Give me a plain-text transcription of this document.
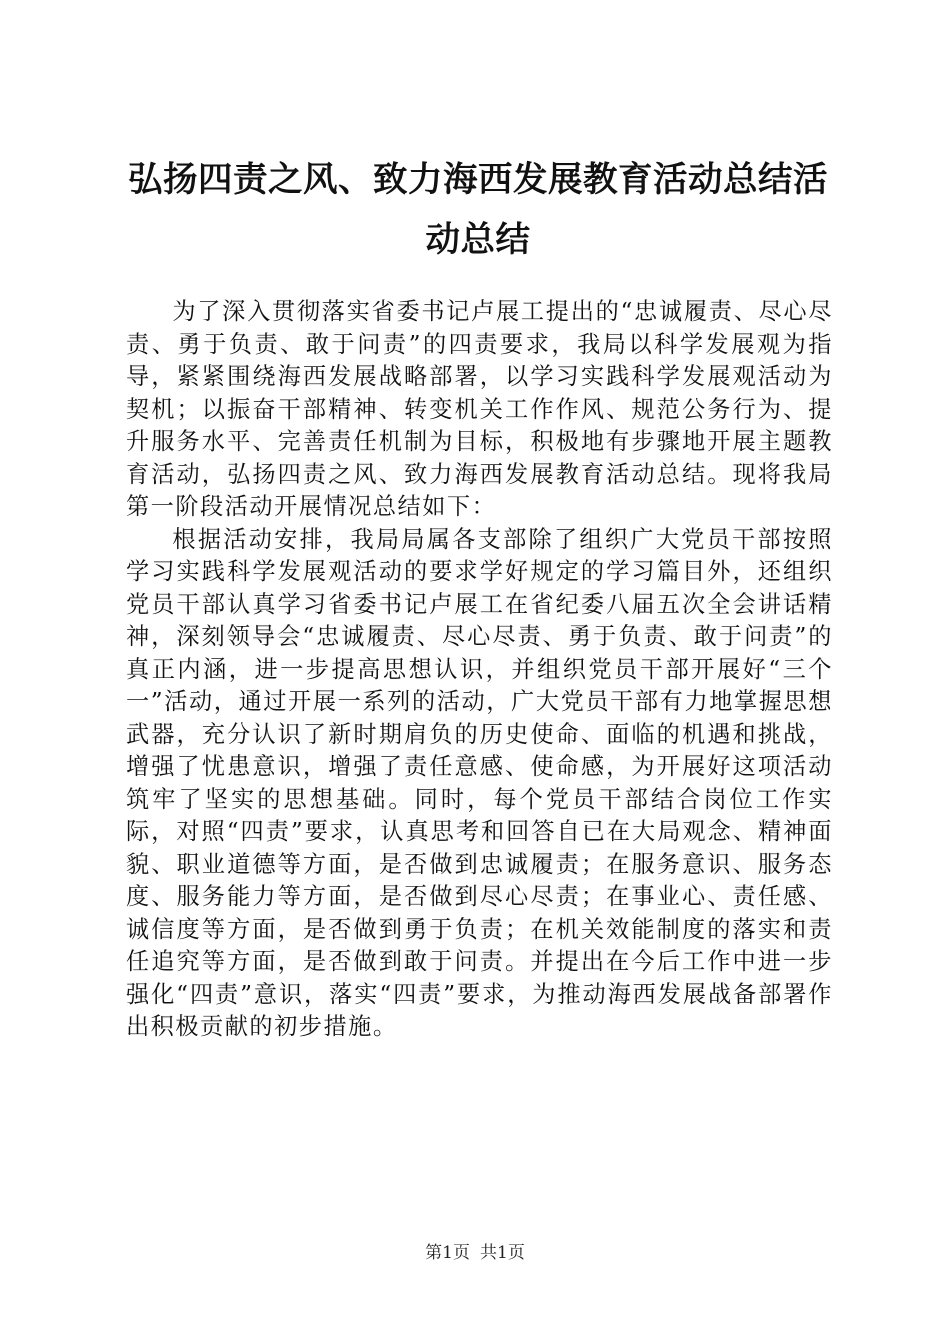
弘扬四责之风、致力海西发展教育活动总结活动总结

为了深入贯彻落实省委书记卢展工提出的“忠诚履责、尽心尽责、勇于负责、敢于问责”的四责要求，我局以科学发展观为指导，紧紧围绕海西发展战略部署，以学习实践科学发展观活动为契机；以振奋干部精神、转变机关工作作风、规范公务行为、提升服务水平、完善责任机制为目标，积极地有步骤地开展主题教育活动，弘扬四责之风、致力海西发展教育活动总结。现将我局第一阶段活动开展情况总结如下：

根据活动安排，我局局属各支部除了组织广大党员干部按照学习实践科学发展观活动的要求学好规定的学习篇目外，还组织党员干部认真学习省委书记卢展工在省纪委八届五次全会讲话精神，深刻领导会“忠诚履责、尽心尽责、勇于负责、敢于问责”的真正内涵，进一步提高思想认识，并组织党员干部开展好“三个一”活动，通过开展一系列的活动，广大党员干部有力地掌握思想武器，充分认识了新时期肩负的历史使命、面临的机遇和挑战，增强了忧患意识，增强了责任意感、使命感，为开展好这项活动筑牢了坚实的思想基础。同时，每个党员干部结合岗位工作实际，对照“四责”要求，认真思考和回答自已在大局观念、精神面貌、职业道德等方面，是否做到忠诚履责；在服务意识、服务态度、服务能力等方面，是否做到尽心尽责；在事业心、责任感、诚信度等方面，是否做到勇于负责；在机关效能制度的落实和责任追究等方面，是否做到敢于问责。并提出在今后工作中进一步强化“四责”意识，落实“四责”要求，为推动海西发展战备部署作出积极贡献的初步措施。

第1页 共1页
